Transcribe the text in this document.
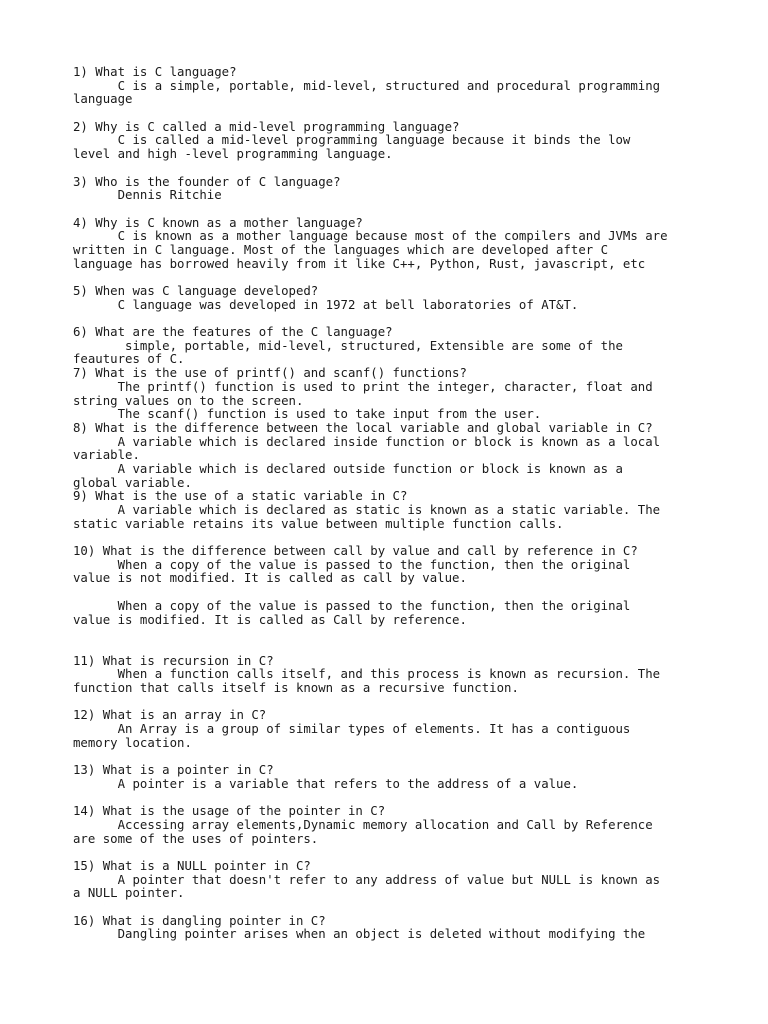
1) What is C language?
C is a simple, portable, mid-level, structured and procedural programming
language
2) Why is C called a mid-level programming language?
C is called a mid-level programming language because it binds the low
level and high -level programming language.
3) Who is the founder of C language?
Dennis Ritchie
4) Why is C known as a mother language?
C is known as a mother language because most of the compilers and JVMs are
written in C language. Most of the languages which are developed after C
language has borrowed heavily from it like C++, Python, Rust, javascript, etc
5) When was C language developed?
C language was developed in 1972 at bell laboratories of AT&T.
6) What are the features of the C language?
simple, portable, mid-level, structured, Extensible are some of the
feautures of C.
7) What is the use of printf() and scanf() functions?
The printf() function is used to print the integer, character, float and
string values on to the screen.
The scanf() function is used to take input from the user.
8) What is the difference between the local variable and global variable in C?
A variable which is declared inside function or block is known as a local
variable.
A variable which is declared outside function or block is known as a
global variable.
9) What is the use of a static variable in C?
A variable which is declared as static is known as a static variable. The
static variable retains its value between multiple function calls.
10) What is the difference between call by value and call by reference in C?
When a copy of the value is passed to the function, then the original
value is not modified. It is called as call by value.
When a copy of the value is passed to the function, then the original
value is modified. It is called as Call by reference.
11) What is recursion in C?
When a function calls itself, and this process is known as recursion. The
function that calls itself is known as a recursive function.
12) What is an array in C?
An Array is a group of similar types of elements. It has a contiguous
memory location.
13) What is a pointer in C?
A pointer is a variable that refers to the address of a value.
14) What is the usage of the pointer in C?
Accessing array elements,Dynamic memory allocation and Call by Reference
are some of the uses of pointers.
15) What is a NULL pointer in C?
A pointer that doesn't refer to any address of value but NULL is known as
a NULL pointer.
16) What is dangling pointer in C?
Dangling pointer arises when an object is deleted without modifying the
